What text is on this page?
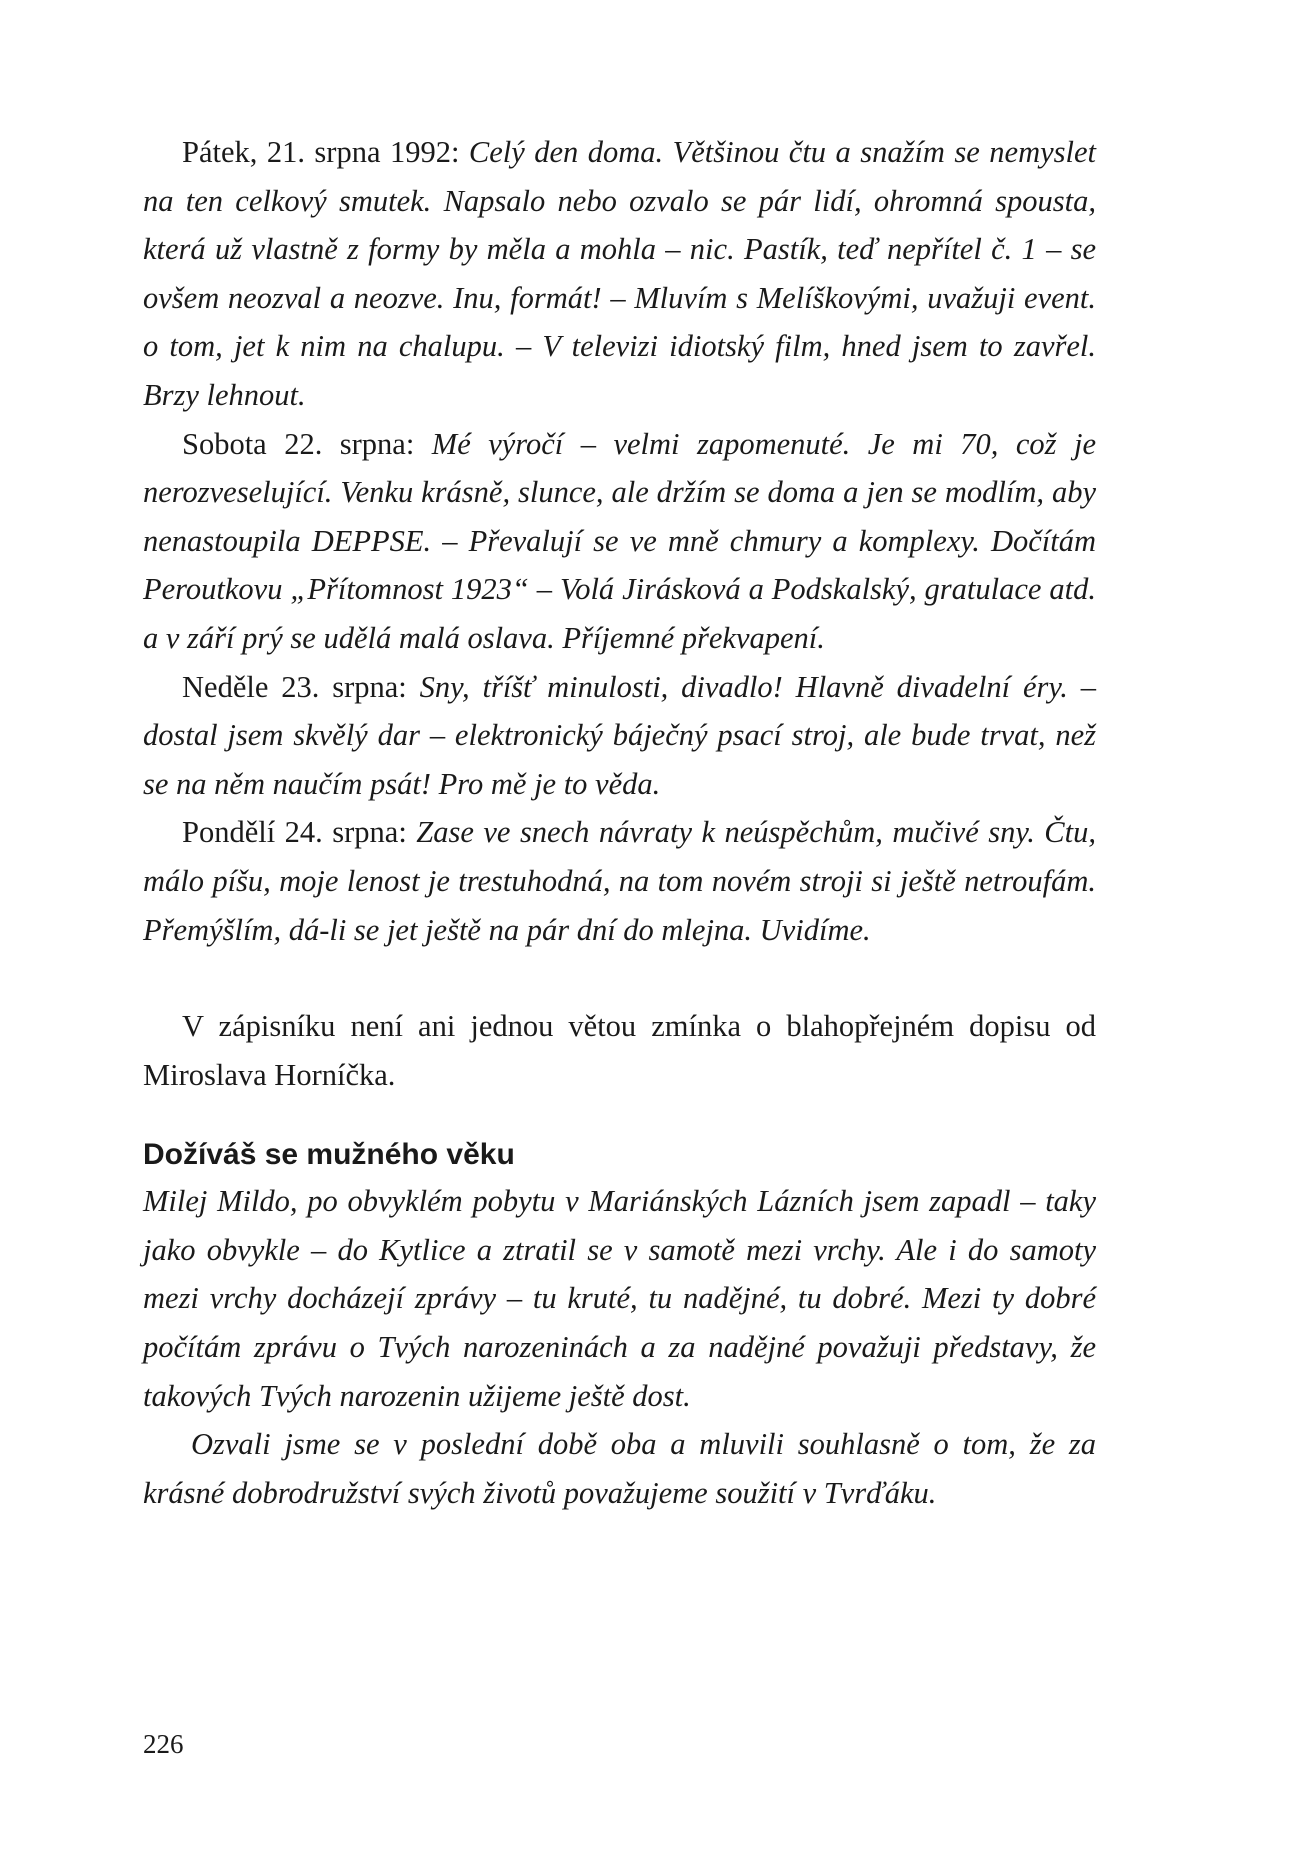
Pátek, 21. srpna 1992: Celý den doma. Většinou čtu a snažím se nemyslet na ten celkový smutek. Napsalo nebo ozvalo se pár lidí, ohromná spousta, která už vlastně z formy by měla a mohla – nic. Pastík, teď nepřítel č. 1 – se ovšem neozval a neozve. Inu, formát! – Mluvím s Melíškovými, uvažuji event. o tom, jet k nim na chalupu. – V televizi idiotský film, hned jsem to zavřel. Brzy lehnout.

Sobota 22. srpna: Mé výročí – velmi zapomenuté. Je mi 70, což je nerozveselující. Venku krásně, slunce, ale držím se doma a jen se modlím, aby nenastoupila DEPPSE. – Převalují se ve mně chmury a komplexy. Dočítám Peroutkovu „Přítomnost 1923“ – Volá Jirásková a Podskalský, gratulace atd. a v září prý se udělá malá oslava. Příjemné překvapení.

Neděle 23. srpna: Sny, tříšť minulosti, divadlo! Hlavně divadelní éry. – dostal jsem skvělý dar – elektronický báječný psací stroj, ale bude trvat, než se na něm naučím psát! Pro mě je to věda.

Pondělí 24. srpna: Zase ve snech návraty k neúspěchům, mučivé sny. Čtu, málo píšu, moje lenost je trestuhodná, na tom novém stroji si ještě netroufám. Přemýšlím, dá-li se jet ještě na pár dní do mlejna. Uvidíme.

V zápisníku není ani jednou větou zmínka o blahopřejném dopisu od Miroslava Horníčka.

Dožíváš se mužného věku

Milej Mildo, po obvyklém pobytu v Mariánských Lázních jsem zapadl – taky jako obvykle – do Kytlice a ztratil se v samotě mezi vrchy. Ale i do samoty mezi vrchy docházejí zprávy – tu kruté, tu nadějné, tu dobré. Mezi ty dobré počítám zprávu o Tvých narozeninách a za nadějné považuji představy, že takových Tvých narozenin užijeme ještě dost.

Ozvali jsme se v poslední době oba a mluvili souhlasně o tom, že za krásné dobrodružství svých životů považujeme soužití v Tvrďáku.

226
